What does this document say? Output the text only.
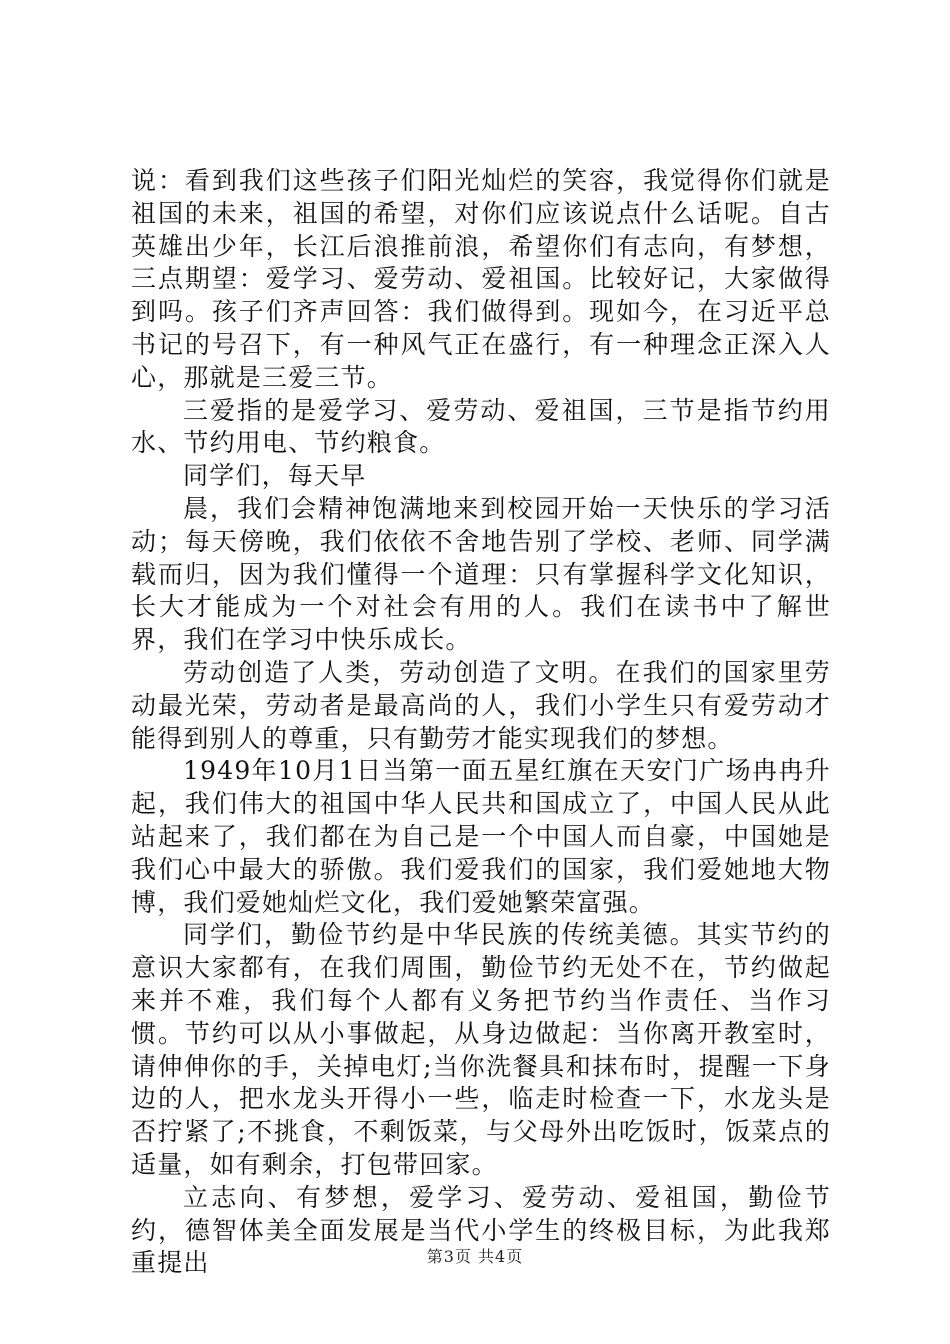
说：看到我们这些孩子们阳光灿烂的笑容，我觉得你们就是祖国的未来，祖国的希望，对你们应该说点什么话呢。自古英雄出少年，长江后浪推前浪，希望你们有志向，有梦想，三点期望：爱学习、爱劳动、爱祖国。比较好记，大家做得到吗。孩子们齐声回答：我们做得到。现如今，在习近平总书记的号召下，有一种风气正在盛行，有一种理念正深入人心，那就是三爱三节。

三爱指的是爱学习、爱劳动、爱祖国，三节是指节约用水、节约用电、节约粮食。

同学们，每天早

晨，我们会精神饱满地来到校园开始一天快乐的学习活动；每天傍晚，我们依依不舍地告别了学校、老师、同学满载而归，因为我们懂得一个道理：只有掌握科学文化知识，长大才能成为一个对社会有用的人。我们在读书中了解世界，我们在学习中快乐成长。

劳动创造了人类，劳动创造了文明。在我们的国家里劳动最光荣，劳动者是最高尚的人，我们小学生只有爱劳动才能得到别人的尊重，只有勤劳才能实现我们的梦想。

1949年10月1日当第一面五星红旗在天安门广场冉冉升起，我们伟大的祖国中华人民共和国成立了，中国人民从此站起来了，我们都在为自己是一个中国人而自豪，中国她是我们心中最大的骄傲。我们爱我们的国家，我们爱她地大物博，我们爱她灿烂文化，我们爱她繁荣富强。

同学们，勤俭节约是中华民族的传统美德。其实节约的意识大家都有，在我们周围，勤俭节约无处不在，节约做起来并不难，我们每个人都有义务把节约当作责任、当作习惯。节约可以从小事做起，从身边做起：当你离开教室时，请伸伸你的手，关掉电灯;当你洗餐具和抹布时，提醒一下身边的人，把水龙头开得小一些，临走时检查一下，水龙头是否拧紧了;不挑食，不剩饭菜，与父母外出吃饭时，饭菜点的适量，如有剩余，打包带回家。

立志向、有梦想，爱学习、爱劳动、爱祖国，勤俭节约，德智体美全面发展是当代小学生的终极目标，为此我郑重提出	第3页 共4页
